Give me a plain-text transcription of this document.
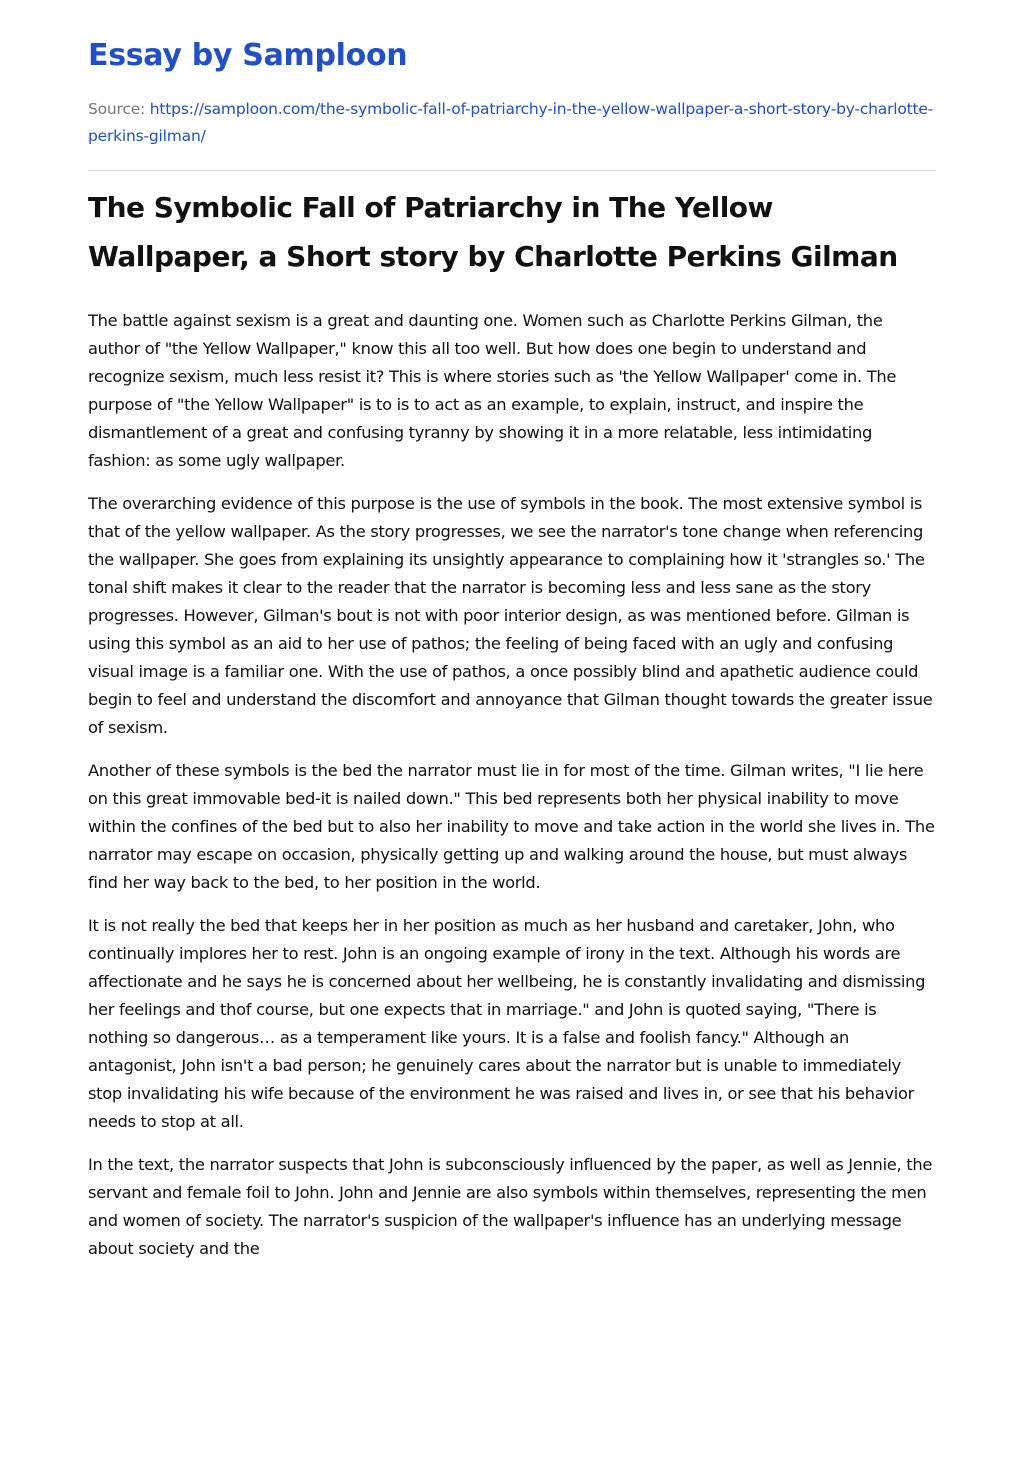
Essay by Samploon
Source: https://samploon.com/the-symbolic-fall-of-patriarchy-in-the-yellow-wallpaper-a-short-story-by-charlotte-perkins-gilman/
The Symbolic Fall of Patriarchy in The Yellow Wallpaper, a Short story by Charlotte Perkins Gilman

The battle against sexism is a great and daunting one. Women such as Charlotte Perkins Gilman, the author of "the Yellow Wallpaper," know this all too well. But how does one begin to understand and recognize sexism, much less resist it? This is where stories such as 'the Yellow Wallpaper' come in. The purpose of "the Yellow Wallpaper" is to is to act as an example, to explain, instruct, and inspire the dismantlement of a great and confusing tyranny by showing it in a more relatable, less intimidating fashion: as some ugly wallpaper.

The overarching evidence of this purpose is the use of symbols in the book. The most extensive symbol is that of the yellow wallpaper. As the story progresses, we see the narrator's tone change when referencing the wallpaper. She goes from explaining its unsightly appearance to complaining how it 'strangles so.' The tonal shift makes it clear to the reader that the narrator is becoming less and less sane as the story progresses. However, Gilman's bout is not with poor interior design, as was mentioned before. Gilman is using this symbol as an aid to her use of pathos; the feeling of being faced with an ugly and confusing visual image is a familiar one. With the use of pathos, a once possibly blind and apathetic audience could begin to feel and understand the discomfort and annoyance that Gilman thought towards the greater issue of sexism.

Another of these symbols is the bed the narrator must lie in for most of the time. Gilman writes, "I lie here on this great immovable bed-it is nailed down." This bed represents both her physical inability to move within the confines of the bed but to also her inability to move and take action in the world she lives in. The narrator may escape on occasion, physically getting up and walking around the house, but must always find her way back to the bed, to her position in the world.

It is not really the bed that keeps her in her position as much as her husband and caretaker, John, who continually implores her to rest. John is an ongoing example of irony in the text. Although his words are affectionate and he says he is concerned about her wellbeing, he is constantly invalidating and dismissing her feelings and thof course, but one expects that in marriage." and John is quoted saying, "There is nothing so dangerous… as a temperament like yours. It is a false and foolish fancy." Although an antagonist, John isn't a bad person; he genuinely cares about the narrator but is unable to immediately stop invalidating his wife because of the environment he was raised and lives in, or see that his behavior needs to stop at all.

In the text, the narrator suspects that John is subconsciously influenced by the paper, as well as Jennie, the servant and female foil to John. John and Jennie are also symbols within themselves, representing the men and women of society. The narrator's suspicion of the wallpaper's influence has an underlying message about society and the
